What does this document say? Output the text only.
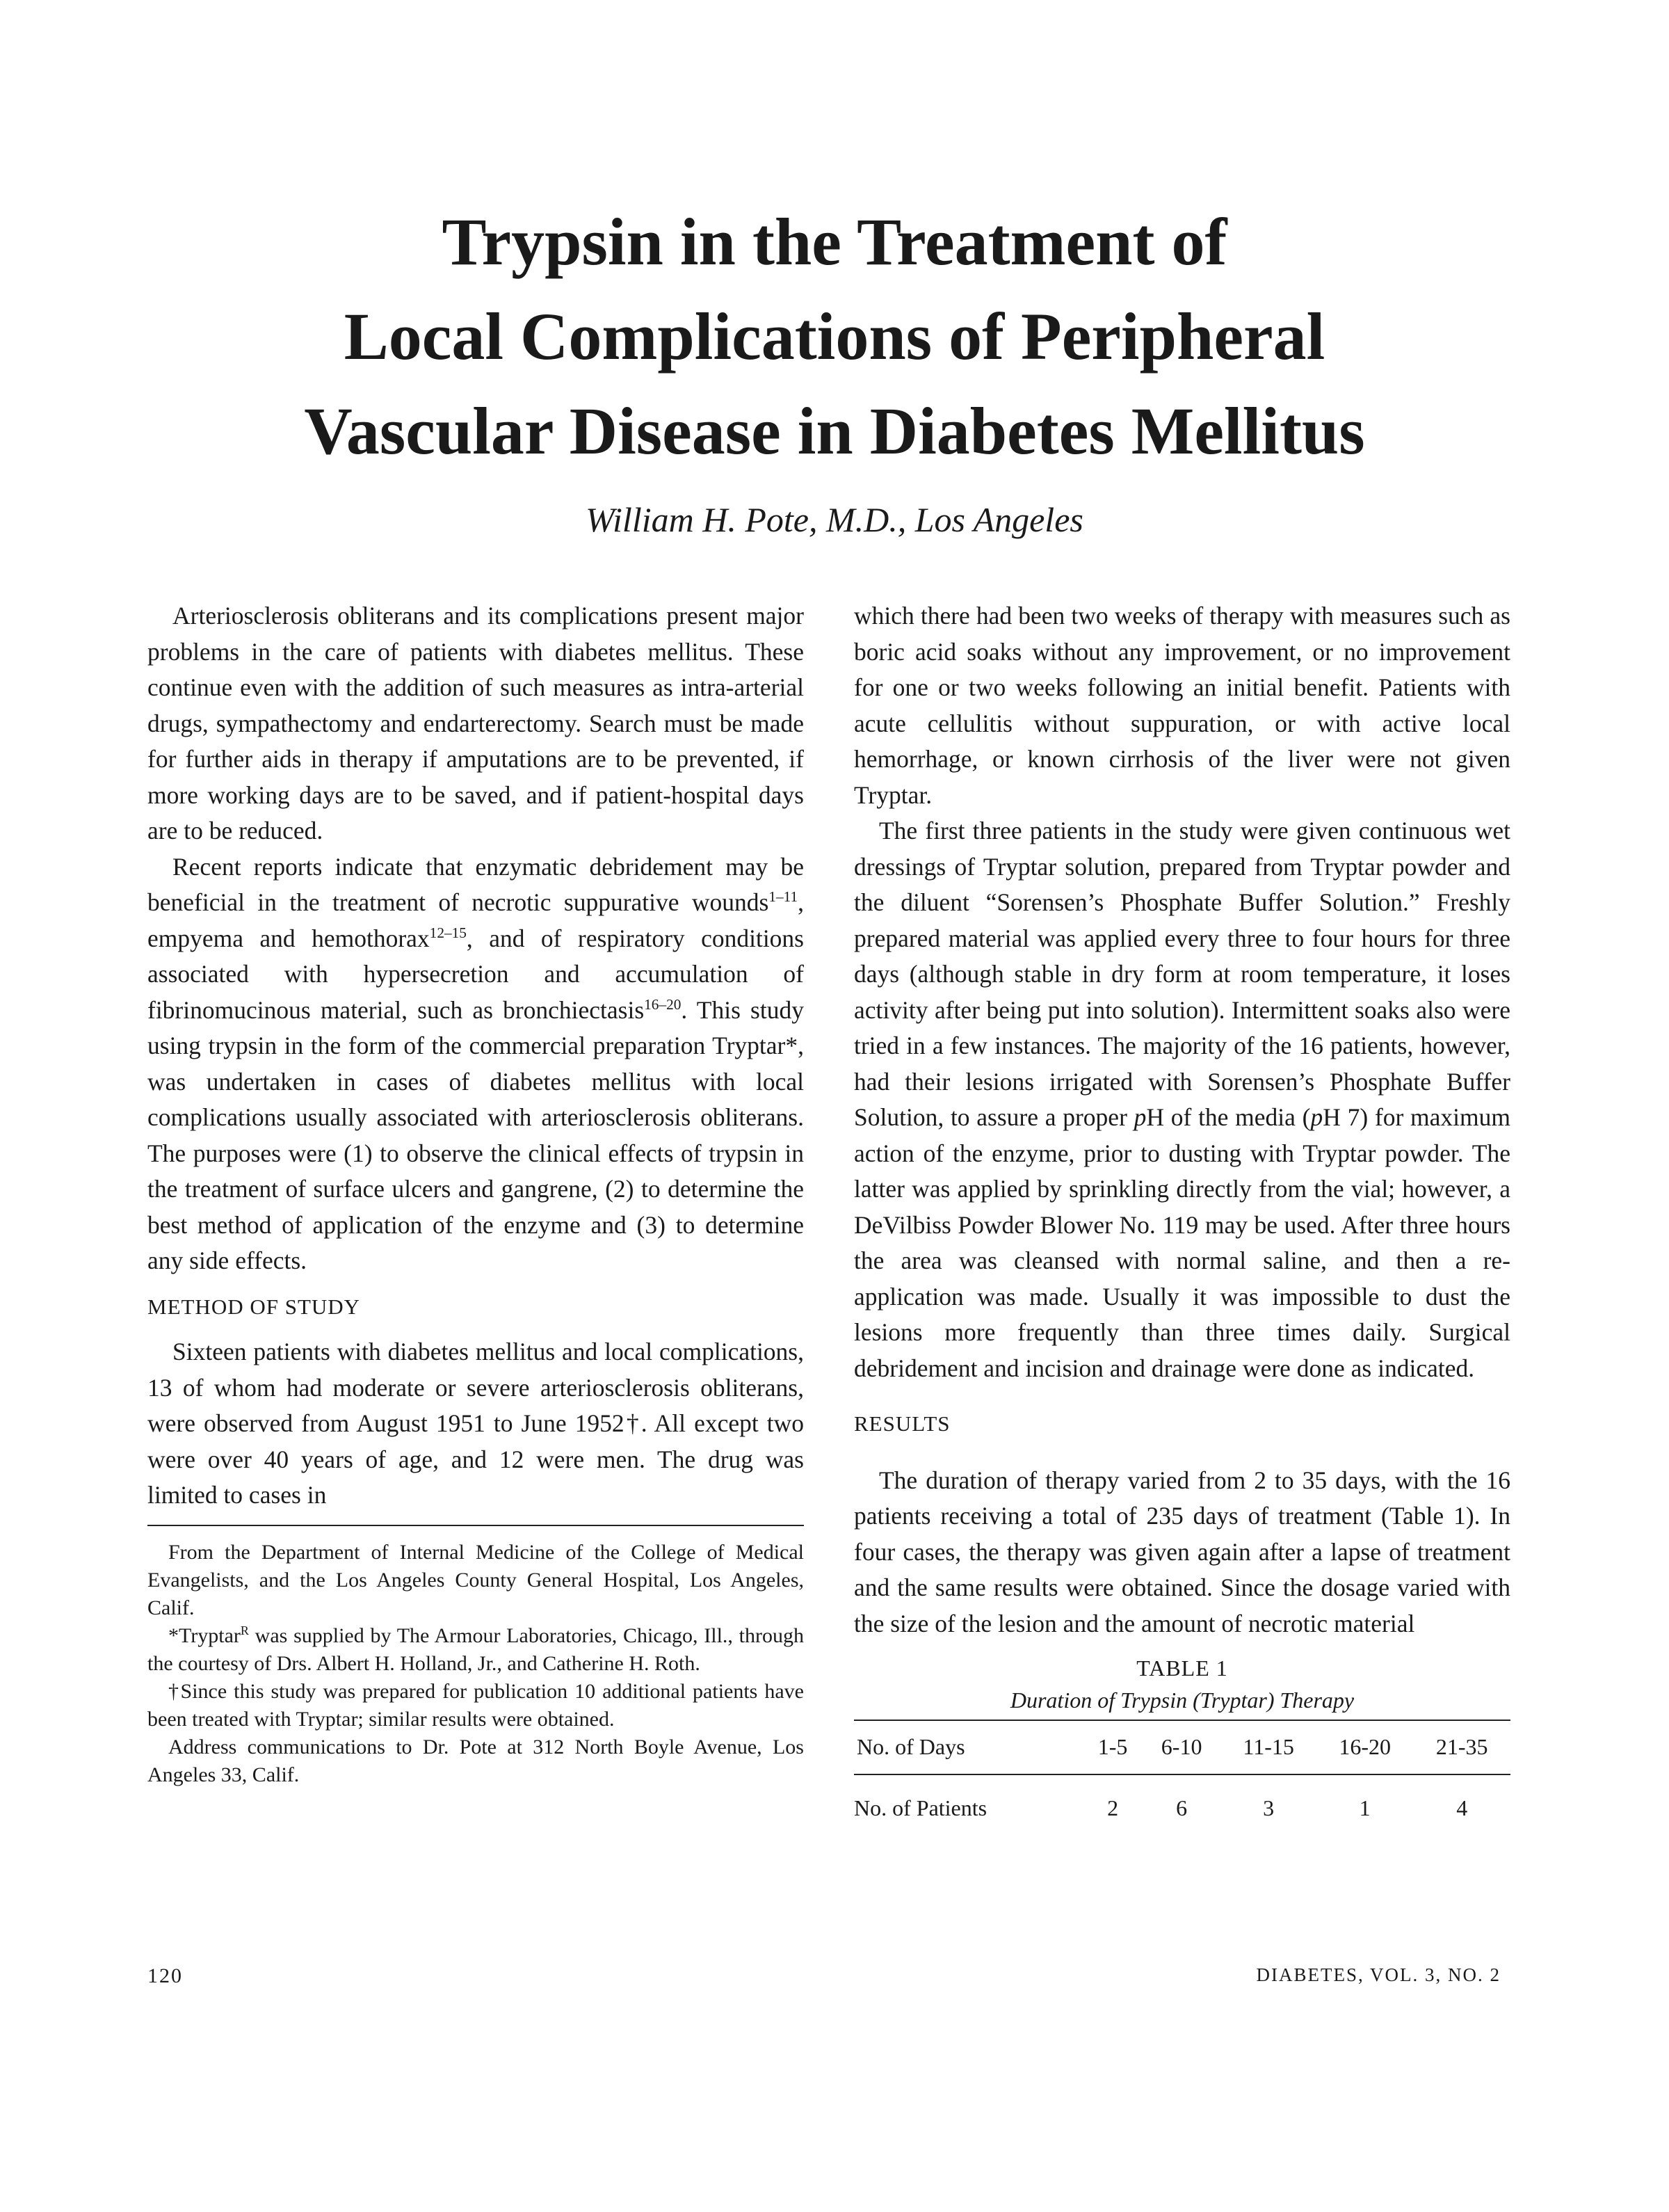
Trypsin in the Treatment of
Local Complications of Peripheral
Vascular Disease in Diabetes Mellitus
William H. Pote, M.D., Los Angeles

Arteriosclerosis obliterans and its complications present major problems in the care of patients with diabetes mellitus. These continue even with the addition of such measures as intra-arterial drugs, sympathectomy and endarterectomy. Search must be made for further aids in therapy if amputations are to be prevented, if more working days are to be saved, and if patient-hospital days are to be reduced.

Recent reports indicate that enzymatic debridement may be beneficial in the treatment of necrotic suppurative wounds$^{1-11}$, empyema and hemothorax$^{12-15}$, and of respiratory conditions associated with hypersecretion and accumulation of fibrinomucinous material, such as bronchiectasis$^{16-20}$. This study using trypsin in the form of the commercial preparation Tryptar*, was undertaken in cases of diabetes mellitus with local complications usually associated with arteriosclerosis obliterans. The purposes were (1) to observe the clinical effects of trypsin in the treatment of surface ulcers and gangrene, (2) to determine the best method of application of the enzyme and (3) to determine any side effects.

METHOD OF STUDY

Sixteen patients with diabetes mellitus and local complications, 13 of whom had moderate or severe arteriosclerosis obliterans, were observed from August 1951 to June 1952†. All except two were over 40 years of age, and 12 were men. The drug was limited to cases in

From the Department of Internal Medicine of the College of Medical Evangelists, and the Los Angeles County General Hospital, Los Angeles, Calif.

*Tryptar$^R$ was supplied by The Armour Laboratories, Chicago, Ill., through the courtesy of Drs. Albert H. Holland, Jr., and Catherine H. Roth.

†Since this study was prepared for publication 10 additional patients have been treated with Tryptar; similar results were obtained.

Address communications to Dr. Pote at 312 North Boyle Avenue, Los Angeles 33, Calif.

which there had been two weeks of therapy with measures such as boric acid soaks without any improvement, or no improvement for one or two weeks following an initial benefit. Patients with acute cellulitis without suppuration, or with active local hemorrhage, or known cirrhosis of the liver were not given Tryptar.

The first three patients in the study were given continuous wet dressings of Tryptar solution, prepared from Tryptar powder and the diluent “Sorensen’s Phosphate Buffer Solution.” Freshly prepared material was applied every three to four hours for three days (although stable in dry form at room temperature, it loses activity after being put into solution). Intermittent soaks also were tried in a few instances. The majority of the 16 patients, however, had their lesions irrigated with Sorensen’s Phosphate Buffer Solution, to assure a proper pH of the media (pH 7) for maximum action of the enzyme, prior to dusting with Tryptar powder. The latter was applied by sprinkling directly from the vial; however, a DeVilbiss Powder Blower No. 119 may be used. After three hours the area was cleansed with normal saline, and then a re-application was made. Usually it was impossible to dust the lesions more frequently than three times daily. Surgical debridement and incision and drainage were done as indicated.

RESULTS

The duration of therapy varied from 2 to 35 days, with the 16 patients receiving a total of 235 days of treatment (Table 1). In four cases, the therapy was given again after a lapse of treatment and the same results were obtained. Since the dosage varied with the size of the lesion and the amount of necrotic material

TABLE 1
Duration of Trypsin (Tryptar) Therapy
No. of Days	1-5	6-10	11-15	16-20	21-35
No. of Patients	2	6	3	1	4
120	DIABETES, VOL. 3, NO. 2
